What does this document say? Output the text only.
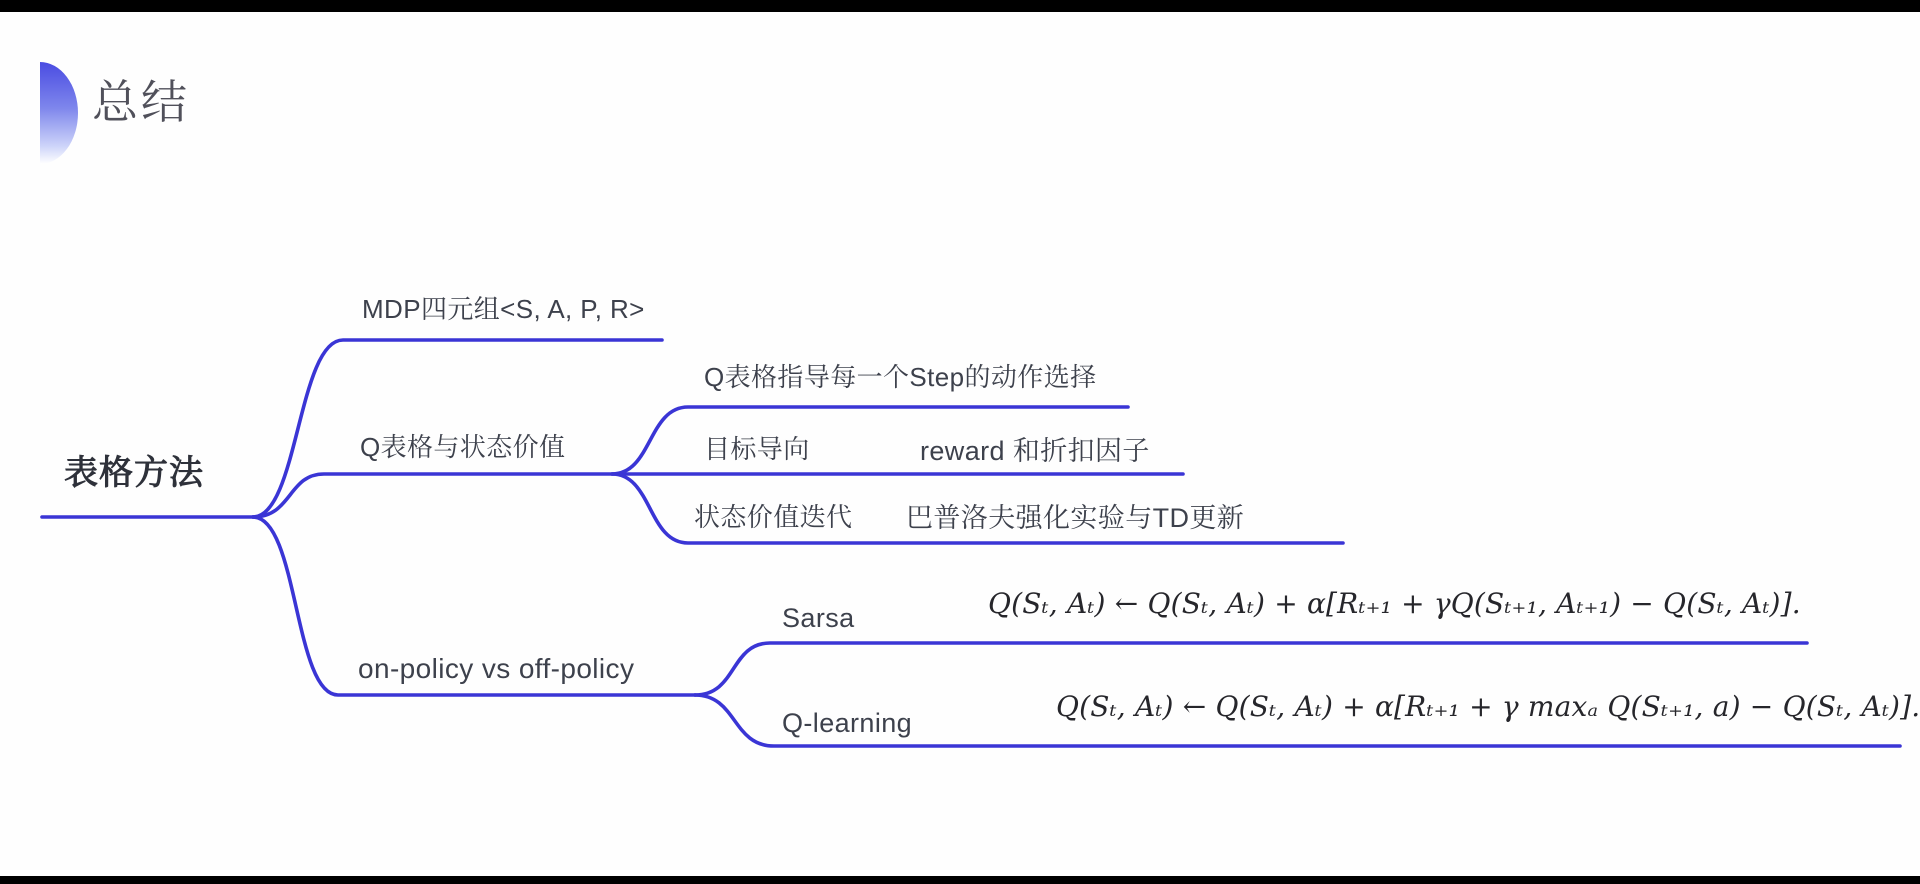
总结
表格方法
MDP四元组<S, A, P, R>
Q表格与状态价值
Q表格指导每一个Step的动作选择
目标导向	reward 和折扣因子
状态价值迭代 巴普洛夫强化实验与TD更新
on-policy vs off-policy
Sarsa	Q(Sₜ, Aₜ) ← Q(Sₜ, Aₜ) + α[Rₜ₊₁ + γQ(Sₜ₊₁, Aₜ₊₁) − Q(Sₜ, Aₜ)].
Q-learning	Q(Sₜ, Aₜ) ← Q(Sₜ, Aₜ) + α[Rₜ₊₁ + γ maxₐ Q(Sₜ₊₁, a) − Q(Sₜ, Aₜ)].
